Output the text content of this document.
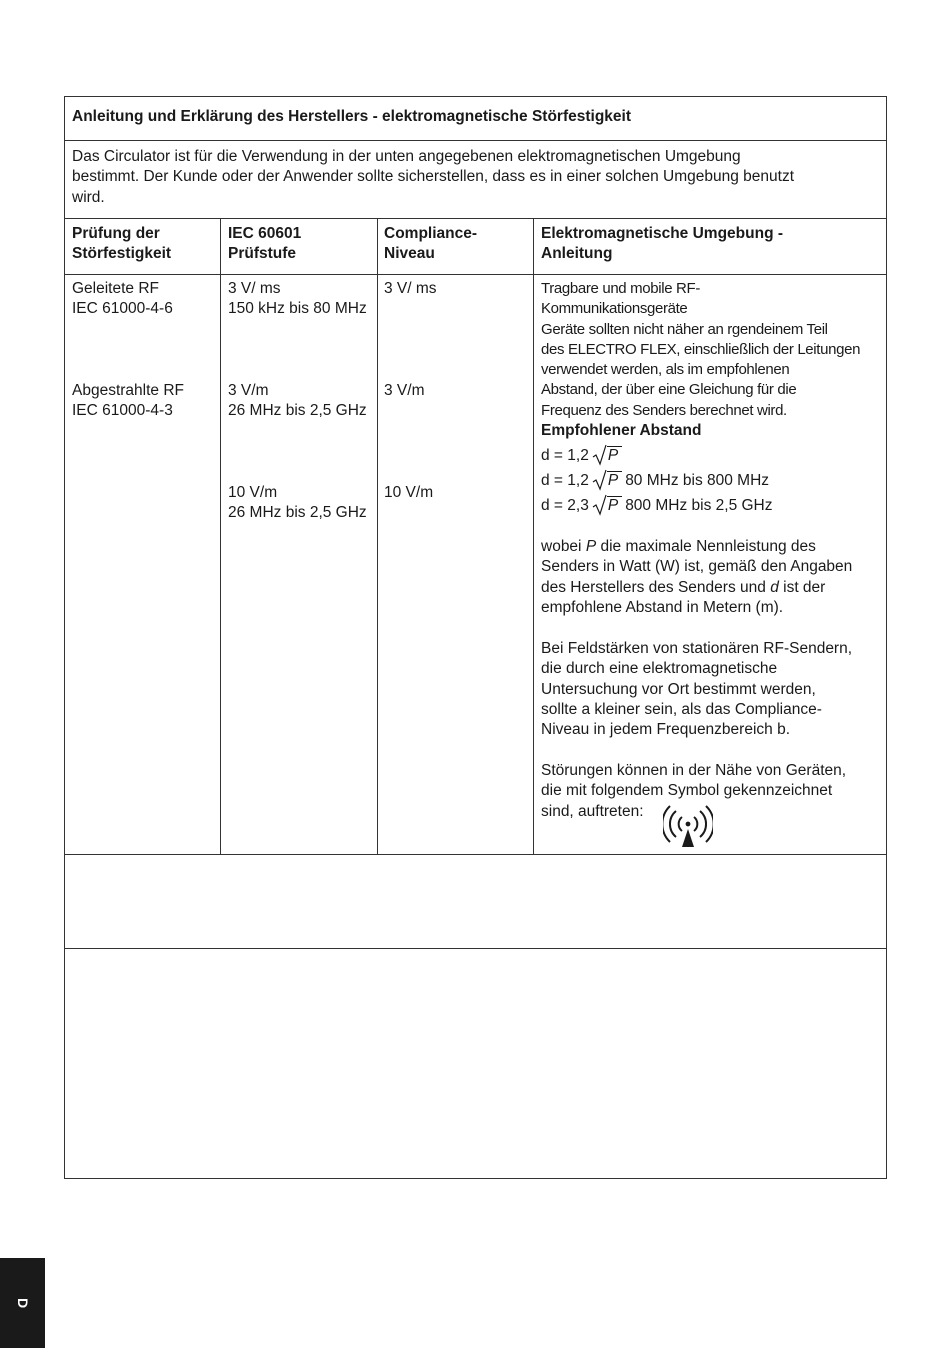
Anleitung und Erklärung des Herstellers - elektromagnetische Störfestigkeit
Das Circulator ist für die Verwendung in der unten angegebenen elektromagnetischen Umgebung
bestimmt. Der Kunde oder der Anwender sollte sicherstellen, dass es in einer solchen Umgebung benutzt
wird.
Prüfung der
Störfestigkeit
IEC 60601
Prüfstufe
Compliance-
Niveau
Elektromagnetische Umgebung -
Anleitung
Geleitete RF
IEC 61000-4-6
Abgestrahlte RF
IEC 61000-4-3
3 V/ ms
150 kHz bis 80 MHz
3 V/m
26 MHz bis 2,5 GHz
10 V/m
26 MHz bis 2,5 GHz
3 V/ ms
3 V/m
10 V/m
Tragbare und mobile RF-
Kommunikationsgeräte
Geräte sollten nicht näher an rgendeinem Teil
des ELECTRO FLEX, einschließlich der Leitungen
verwendet werden, als im empfohlenen
Abstand, der über eine Gleichung für die
Frequenz des Senders berechnet wird.
Empfohlener Abstand
d = 1,2 P
d = 1,2 P 80 MHz bis 800 MHz
d = 2,3 P 800 MHz bis 2,5 GHz
wobei P die maximale Nennleistung des
Senders in Watt (W) ist, gemäß den Angaben
des Herstellers des Senders und d ist der
empfohlene Abstand in Metern (m).
Bei Feldstärken von stationären RF-Sendern,
die durch eine elektromagnetische
Untersuchung vor Ort bestimmt werden,
sollte a kleiner sein, als das Compliance-
Niveau in jedem Frequenzbereich b.
Störungen können in der Nähe von Geräten,
die mit folgendem Symbol gekennzeichnet
sind, auftreten:
D
